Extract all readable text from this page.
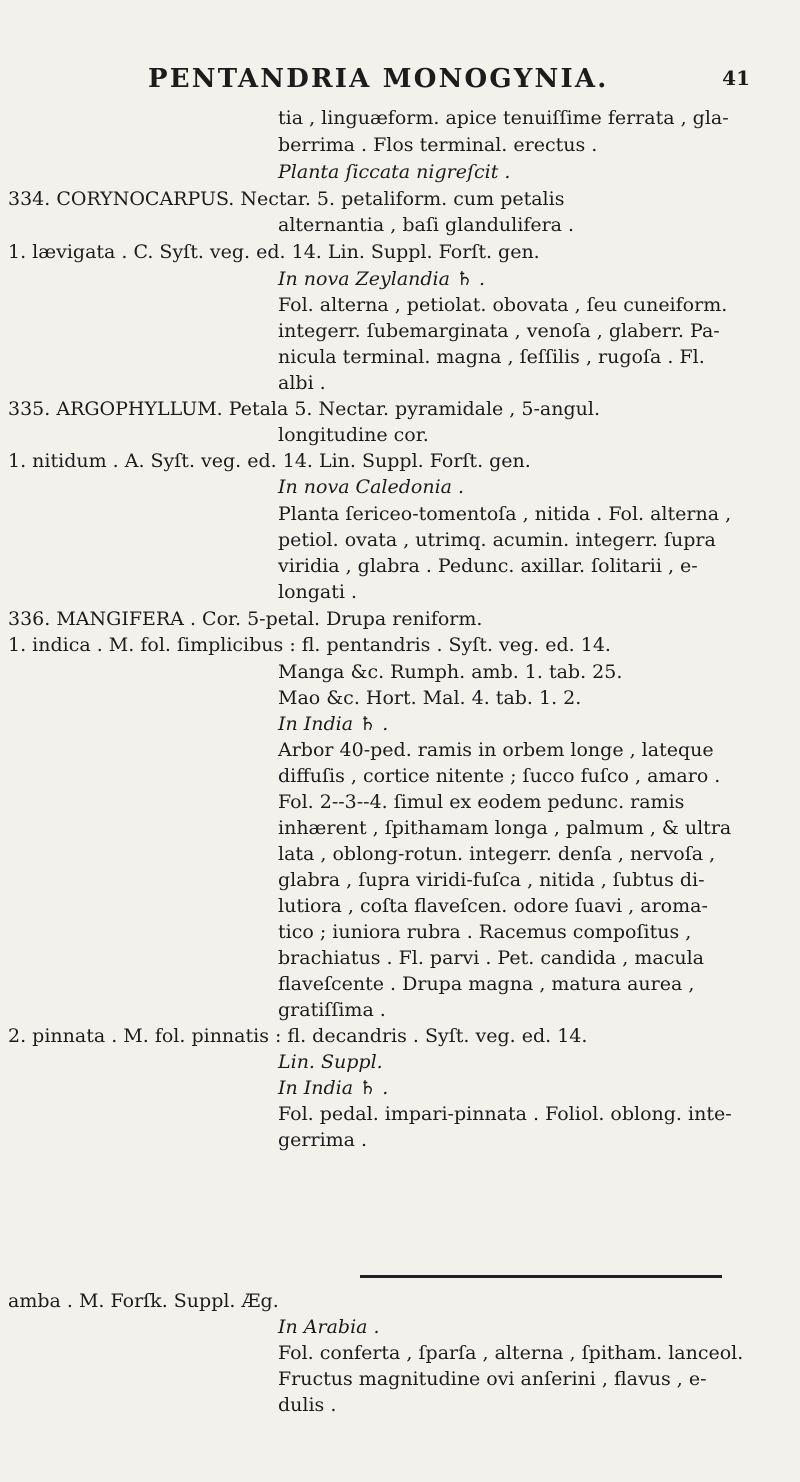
PENTANDRIA MONOGYNIA.	41
tia , linguæform. apice tenuiſſime ferrata , gla-
berrima . Flos terminal. erectus .
Planta ſiccata nigreſcit .
334. CORYNOCARPUS. Nectar. 5. petaliform. cum petalis
alternantia , baſi glandulifera .
1. lævigata . C. Syſt. veg. ed. 14. Lin. Suppl. Forſt. gen.
In nova Zeylandia ♄ .
Fol. alterna , petiolat. obovata , ſeu cuneiform.
integerr. ſubemarginata , venoſa , glaberr. Pa-
nicula terminal. magna , ſeſſilis , rugoſa . Fl.
albi .
335. ARGOPHYLLUM. Petala 5. Nectar. pyramidale , 5-angul.
longitudine cor.
1. nitidum . A. Syſt. veg. ed. 14. Lin. Suppl. Forſt. gen.
In nova Caledonia .
Planta ſericeo-tomentoſa , nitida . Fol. alterna ,
petiol. ovata , utrimq. acumin. integerr. ſupra
viridia , glabra . Pedunc. axillar. ſolitarii , e-
longati .
336. MANGIFERA . Cor. 5-petal. Drupa reniform.
1. indica . M. fol. ſimplicibus : fl. pentandris . Syſt. veg. ed. 14.
Manga &c. Rumph. amb. 1. tab. 25.
Mao &c. Hort. Mal. 4. tab. 1. 2.
In India ♄ .
Arbor 40-ped. ramis in orbem longe , lateque
diffuſis , cortice nitente ; ſucco fuſco , amaro .
Fol. 2--3--4. ſimul ex eodem pedunc. ramis
inhærent , ſpithamam longa , palmum , & ultra
lata , oblong-rotun. integerr. denſa , nervoſa ,
glabra , ſupra viridi-fuſca , nitida , ſubtus di-
lutiora , coſta flaveſcen. odore ſuavi , aroma-
tico ; iuniora rubra . Racemus compoſitus ,
brachiatus . Fl. parvi . Pet. candida , macula
flaveſcente . Drupa magna , matura aurea ,
gratiſſima .
2. pinnata . M. fol. pinnatis : fl. decandris . Syſt. veg. ed. 14.
Lin. Suppl.
In India ♄ .
Fol. pedal. impari-pinnata . Foliol. oblong. inte-
gerrima .
amba . M. Forſk. Suppl. Æg.
In Arabia .
Fol. conferta , ſparſa , alterna , ſpitham. lanceol.
Fructus magnitudine ovi anſerini , flavus , e-
dulis .
